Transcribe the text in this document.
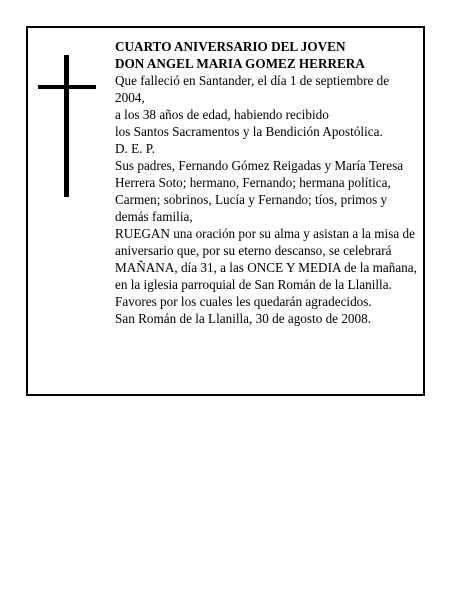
CUARTO ANIVERSARIO DEL JOVEN

DON ANGEL MARIA GOMEZ HERRERA

Que falleció en Santander, el día 1 de septiembre de 2004,

a los 38 años de edad, habiendo recibido

los Santos Sacramentos y la Bendición Apostólica.

D. E. P.

Sus padres, Fernando Gómez Reigadas y María Teresa Herrera Soto; hermano, Fernando; hermana política, Carmen; sobrinos, Lucía y Fernando; tíos, primos y demás familia,

RUEGAN una oración por su alma y asistan a la misa de aniversario que, por su eterno descanso, se celebrará MAÑANA, día 31, a las ONCE Y MEDIA de la mañana, en la iglesia parroquial de San Román de la Llanilla. Favores por los cuales les quedarán agradecidos.

San Román de la Llanilla, 30 de agosto de 2008.
